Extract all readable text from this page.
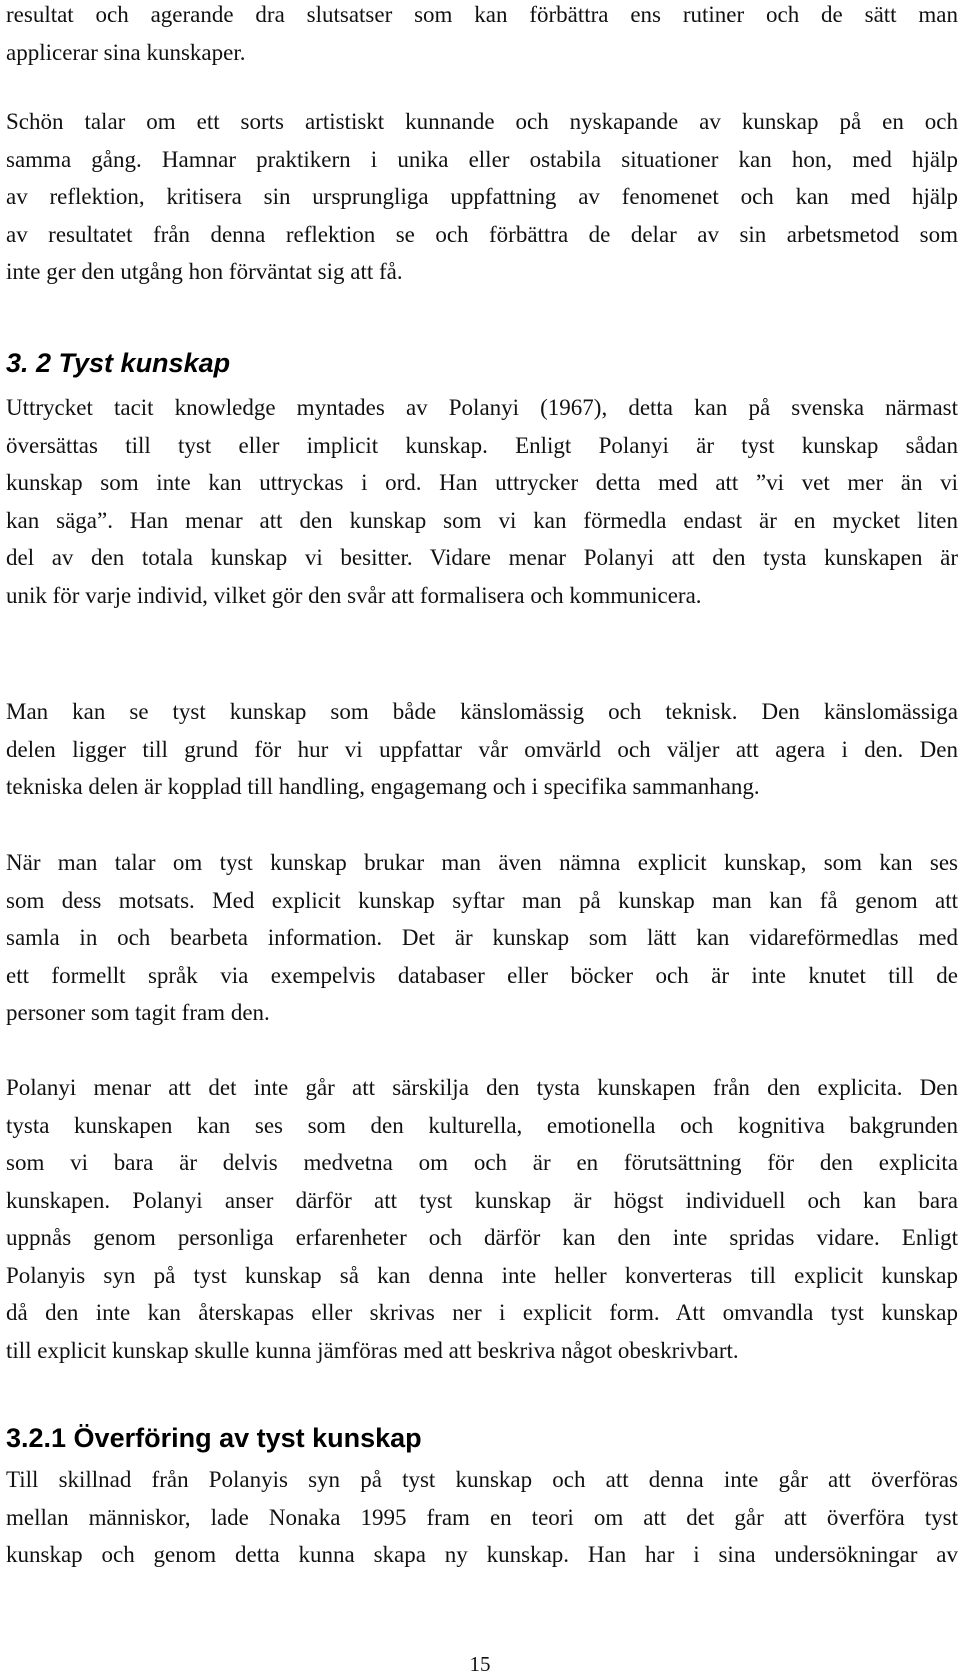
resultat och agerande dra slutsatser som kan förbättra ens rutiner och de sätt man
applicerar sina kunskaper.
Schön talar om ett sorts artistiskt kunnande och nyskapande av kunskap på en och
samma gång. Hamnar praktikern i unika eller ostabila situationer kan hon, med hjälp
av reflektion, kritisera sin ursprungliga uppfattning av fenomenet och kan med hjälp
av resultatet från denna reflektion se och förbättra de delar av sin arbetsmetod som
inte ger den utgång hon förväntat sig att få.
3. 2 Tyst kunskap
Uttrycket tacit knowledge myntades av Polanyi (1967), detta kan på svenska närmast
översättas till tyst eller implicit kunskap. Enligt Polanyi är tyst kunskap sådan
kunskap som inte kan uttryckas i ord. Han uttrycker detta med att ”vi vet mer än vi
kan säga”. Han menar att den kunskap som vi kan förmedla endast är en mycket liten
del av den totala kunskap vi besitter. Vidare menar Polanyi att den tysta kunskapen är
unik för varje individ, vilket gör den svår att formalisera och kommunicera.
Man kan se tyst kunskap som både känslomässig och teknisk. Den känslomässiga
delen ligger till grund för hur vi uppfattar vår omvärld och väljer att agera i den. Den
tekniska delen är kopplad till handling, engagemang och i specifika sammanhang.
När man talar om tyst kunskap brukar man även nämna explicit kunskap, som kan ses
som dess motsats. Med explicit kunskap syftar man på kunskap man kan få genom att
samla in och bearbeta information. Det är kunskap som lätt kan vidareförmedlas med
ett formellt språk via exempelvis databaser eller böcker och är inte knutet till de
personer som tagit fram den.
Polanyi menar att det inte går att särskilja den tysta kunskapen från den explicita. Den
tysta kunskapen kan ses som den kulturella, emotionella och kognitiva bakgrunden
som vi bara är delvis medvetna om och är en förutsättning för den explicita
kunskapen. Polanyi anser därför att tyst kunskap är högst individuell och kan bara
uppnås genom personliga erfarenheter och därför kan den inte spridas vidare. Enligt
Polanyis syn på tyst kunskap så kan denna inte heller konverteras till explicit kunskap
då den inte kan återskapas eller skrivas ner i explicit form. Att omvandla tyst kunskap
till explicit kunskap skulle kunna jämföras med att beskriva något obeskrivbart.
3.2.1 Överföring av tyst kunskap
Till skillnad från Polanyis syn på tyst kunskap och att denna inte går att överföras
mellan människor, lade Nonaka 1995 fram en teori om att det går att överföra tyst
kunskap och genom detta kunna skapa ny kunskap. Han har i sina undersökningar av
15
